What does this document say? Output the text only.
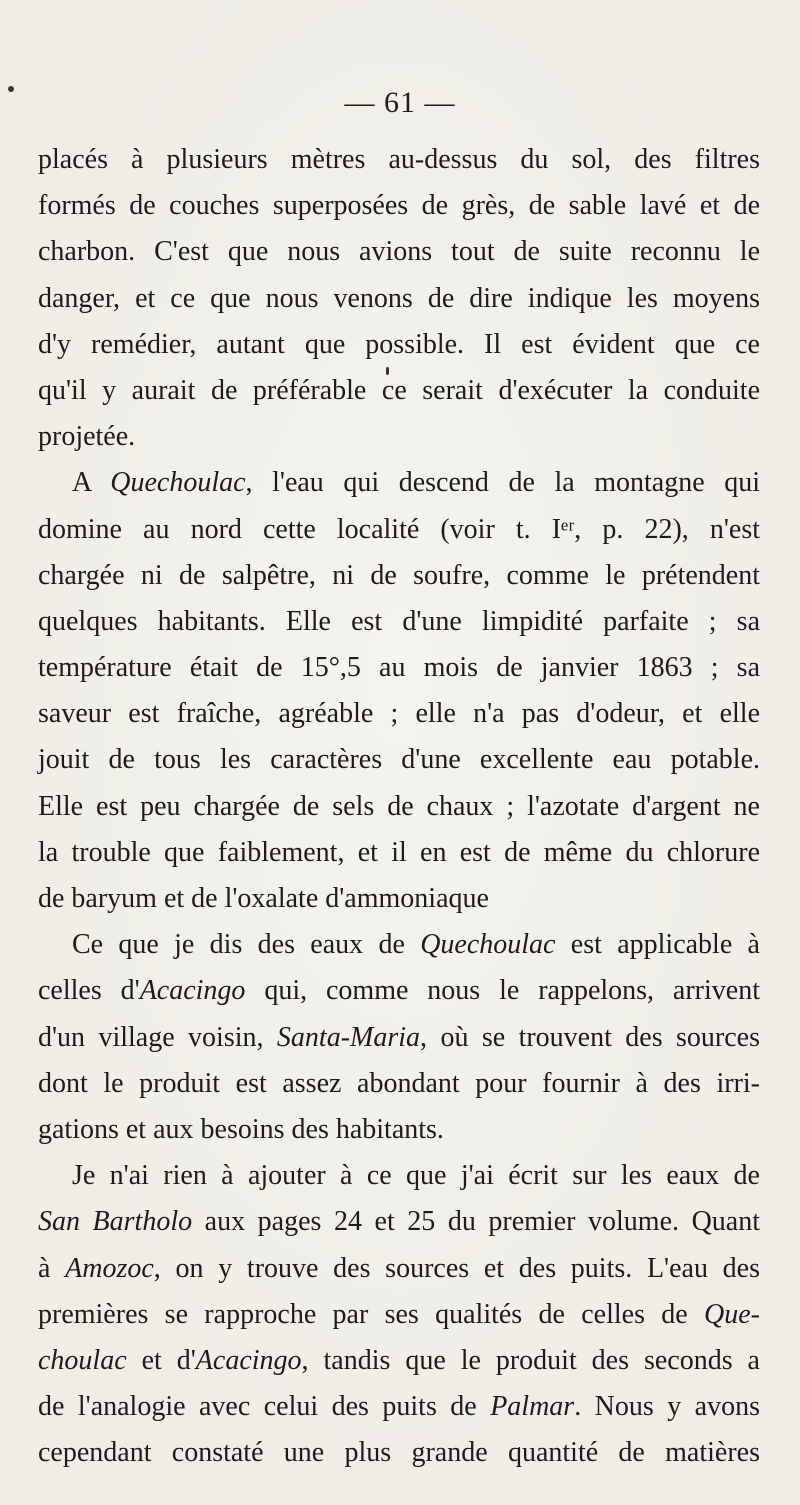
— 61 —
placés à plusieurs mètres au-dessus du sol, des filtres
formés de couches superposées de grès, de sable lavé et de
charbon. C'est que nous avions tout de suite reconnu le
danger, et ce que nous venons de dire indique les moyens
d'y remédier, autant que possible. Il est évident que ce
qu'il y aurait de préférable ce serait d'exécuter la conduite
projetée.
A Quechoulac, l'eau qui descend de la montagne qui
domine au nord cette localité (voir t. Iᵉʳ, p. 22), n'est
chargée ni de salpêtre, ni de soufre, comme le prétendent
quelques habitants. Elle est d'une limpidité parfaite ; sa
température était de 15°,5 au mois de janvier 1863 ; sa
saveur est fraîche, agréable ; elle n'a pas d'odeur, et elle
jouit de tous les caractères d'une excellente eau potable.
Elle est peu chargée de sels de chaux ; l'azotate d'argent ne
la trouble que faiblement, et il en est de même du chlorure
de baryum et de l'oxalate d'ammoniaque
Ce que je dis des eaux de Quechoulac est applicable à
celles d'Acacingo qui, comme nous le rappelons, arrivent
d'un village voisin, Santa-Maria, où se trouvent des sources
dont le produit est assez abondant pour fournir à des irri-
gations et aux besoins des habitants.
Je n'ai rien à ajouter à ce que j'ai écrit sur les eaux de
San Bartholo aux pages 24 et 25 du premier volume. Quant
à Amozoc, on y trouve des sources et des puits. L'eau des
premières se rapproche par ses qualités de celles de Que-
choulac et d'Acacingo, tandis que le produit des seconds a
de l'analogie avec celui des puits de Palmar. Nous y avons
cependant constaté une plus grande quantité de matières
